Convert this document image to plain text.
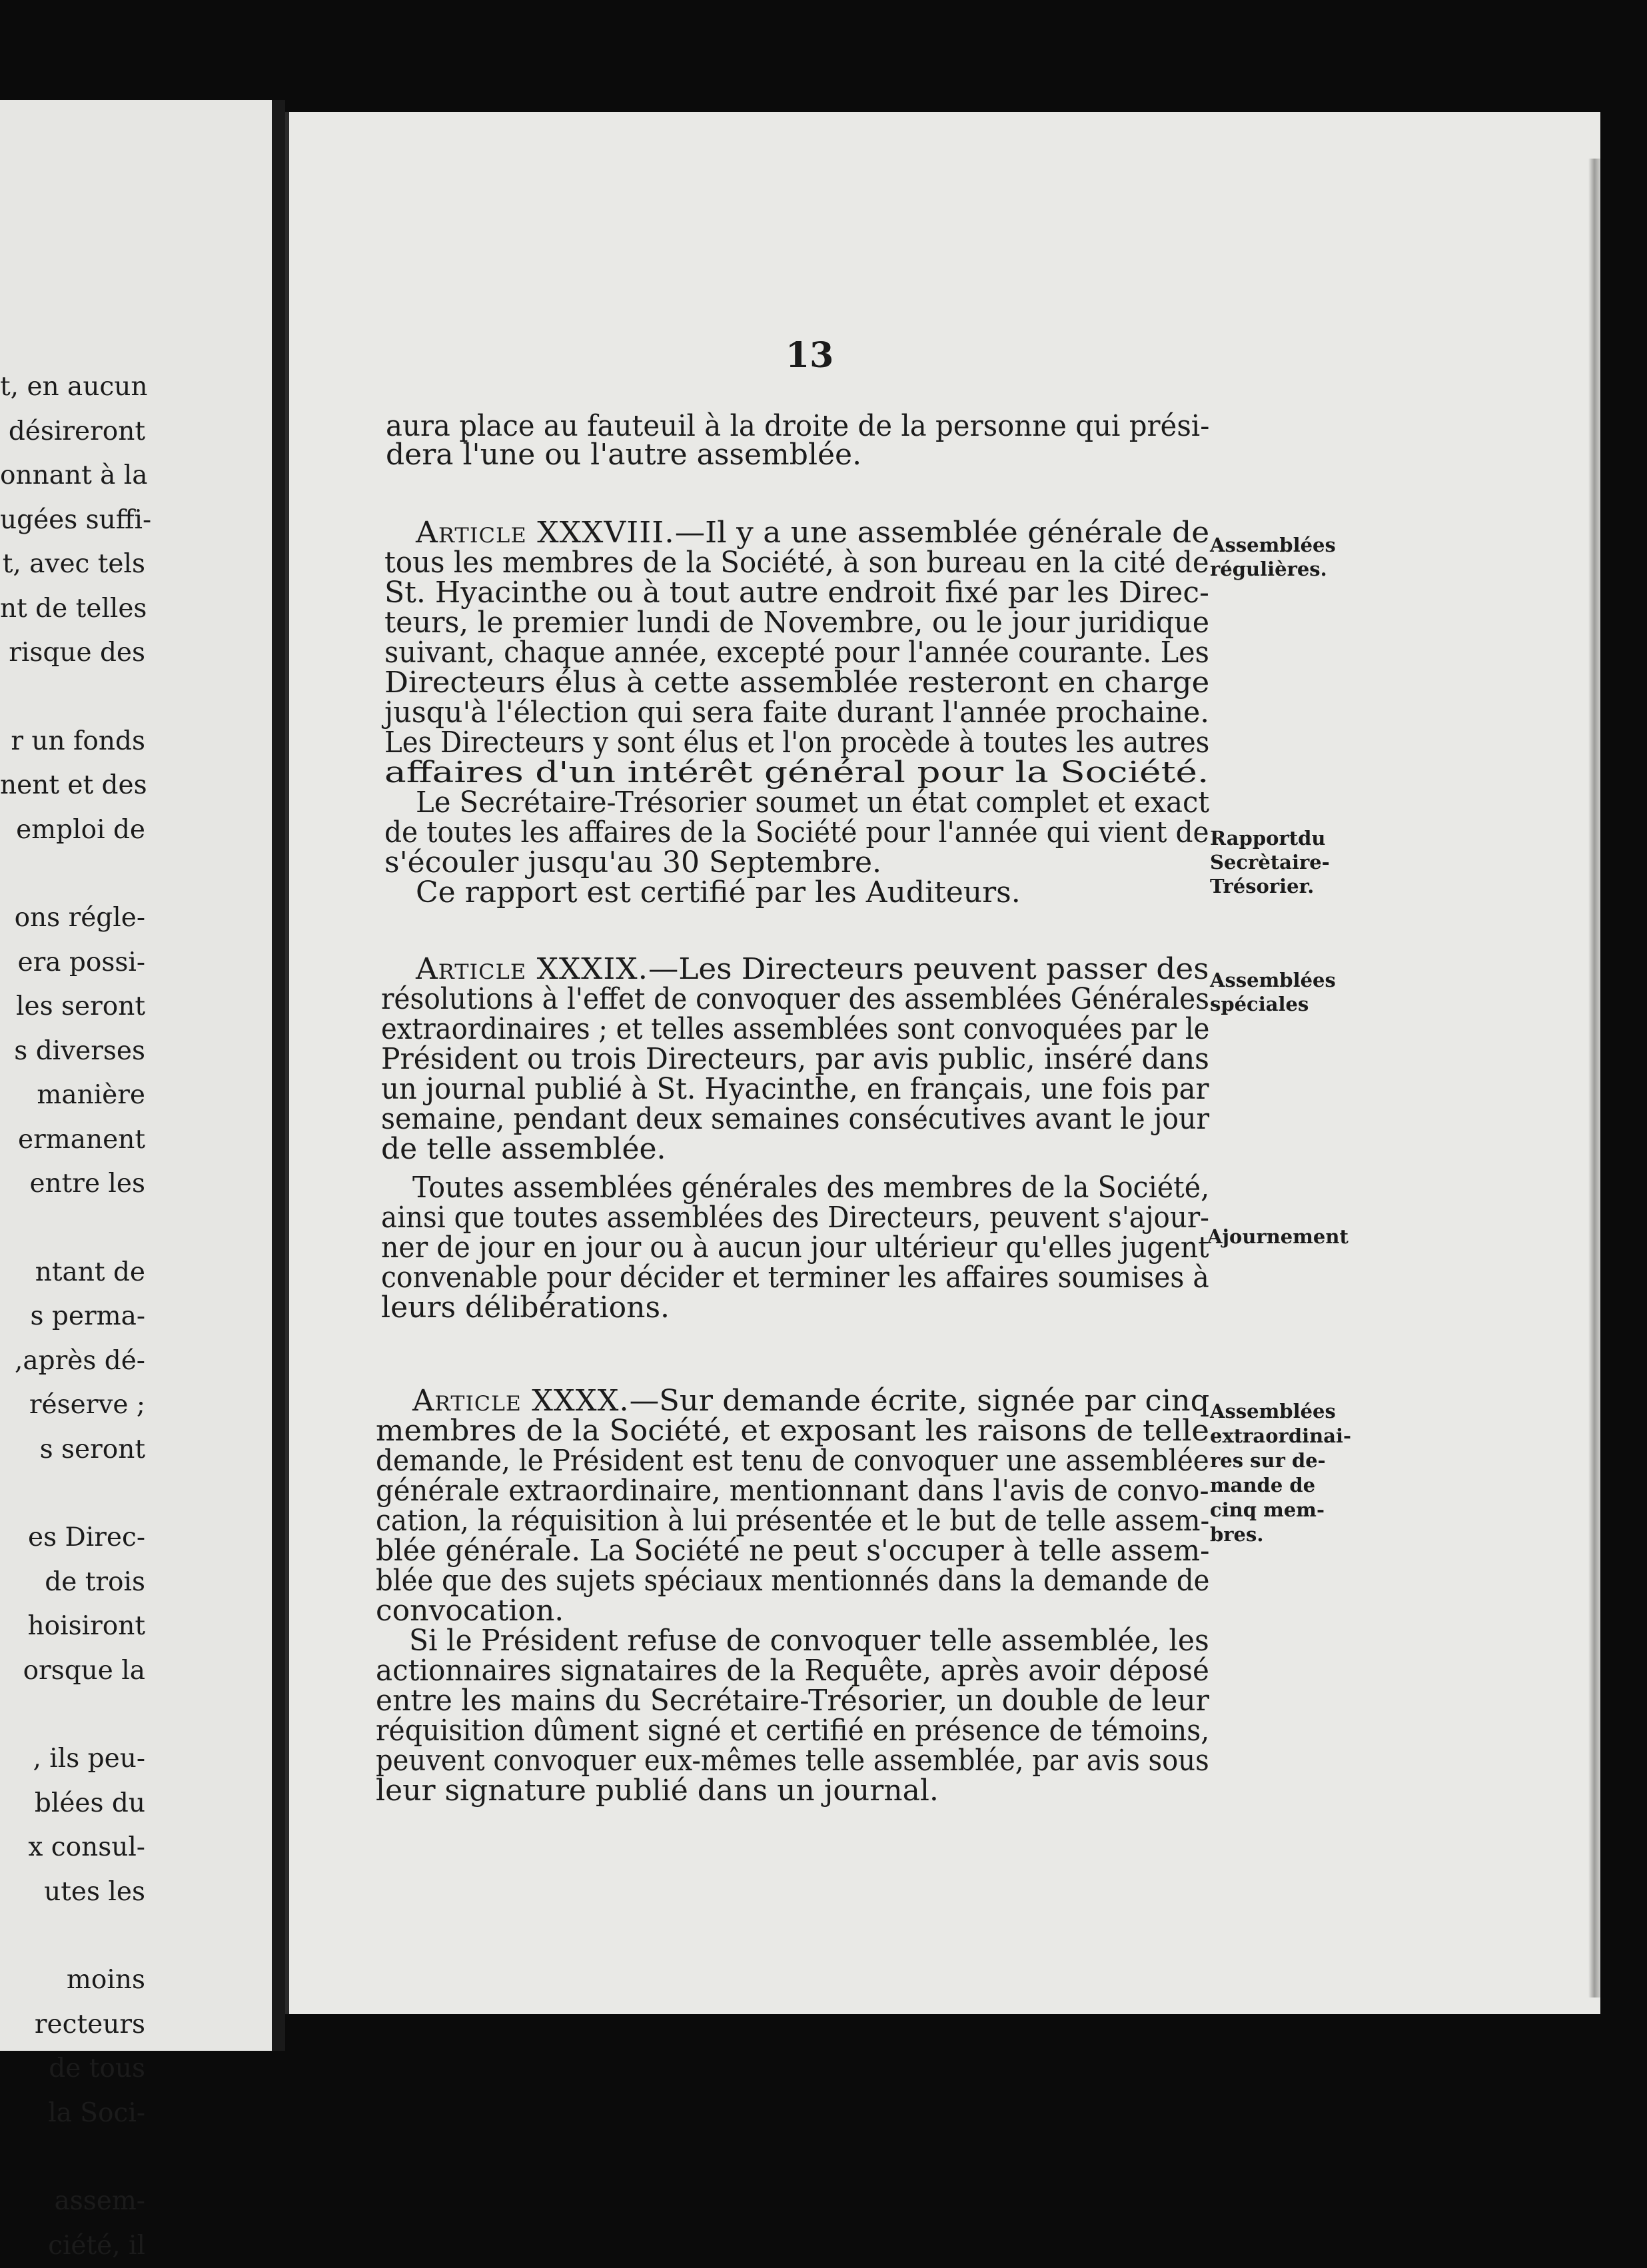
t, en aucun
désireront
onnant à la
ugées suffi-
t, avec tels
nt de telles
risque des
r un fonds
nent et des
emploi de
ons régle-
era possi-
les seront
s diverses
manière
ermanent
entre les
ntant de
s perma-
,après dé-
réserve ;
s seront
es Direc-
de trois
hoisiront
orsque la
, ils peu-
blées du
x consul-
utes les
moins
recteurs
de tous
la Soci-
assem-
ciété, il
13
aura place au fauteuil à la droite de la personne qui prési-
dera l'une ou l'autre assemblée.
Article XXXVIII.—Il y a une assemblée générale de
tous les membres de la Société, à son bureau en la cité de
St. Hyacinthe ou à tout autre endroit fixé par les Direc-
teurs, le premier lundi de Novembre, ou le jour juridique
suivant, chaque année, excepté pour l'année courante. Les
Directeurs élus à cette assemblée resteront en charge
jusqu'à l'élection qui sera faite durant l'année prochaine.
Les Directeurs y sont élus et l'on procède à toutes les autres
affaires d'un intérêt général pour la Société.
Le Secrétaire-Trésorier soumet un état complet et exact
de toutes les affaires de la Société pour l'année qui vient de
s'écouler jusqu'au 30 Septembre.
Ce rapport est certifié par les Auditeurs.
Assemblées
régulières.
Rapportdu
Secrètaire-
Trésorier.
Article XXXIX.—Les Directeurs peuvent passer des
résolutions à l'effet de convoquer des assemblées Générales
extraordinaires ; et telles assemblées sont convoquées par le
Président ou trois Directeurs, par avis public, inséré dans
un journal publié à St. Hyacinthe, en français, une fois par
semaine, pendant deux semaines consécutives avant le jour
de telle assemblée.
Toutes assemblées générales des membres de la Société,
ainsi que toutes assemblées des Directeurs, peuvent s'ajour-
ner de jour en jour ou à aucun jour ultérieur qu'elles jugent
convenable pour décider et terminer les affaires soumises à
leurs délibérations.
Assemblées
spéciales
Ajournement
Article XXXX.—Sur demande écrite, signée par cinq
membres de la Société, et exposant les raisons de telle
demande, le Président est tenu de convoquer une assemblée
générale extraordinaire, mentionnant dans l'avis de convo-
cation, la réquisition à lui présentée et le but de telle assem-
blée générale. La Société ne peut s'occuper à telle assem-
blée que des sujets spéciaux mentionnés dans la demande de
convocation.
Si le Président refuse de convoquer telle assemblée, les
actionnaires signataires de la Requête, après avoir déposé
entre les mains du Secrétaire-Trésorier, un double de leur
réquisition dûment signé et certifié en présence de témoins,
peuvent convoquer eux-mêmes telle assemblée, par avis sous
leur signature publié dans un journal.
Assemblées
extraordinai-
res sur de-
mande de
cinq mem-
bres.
